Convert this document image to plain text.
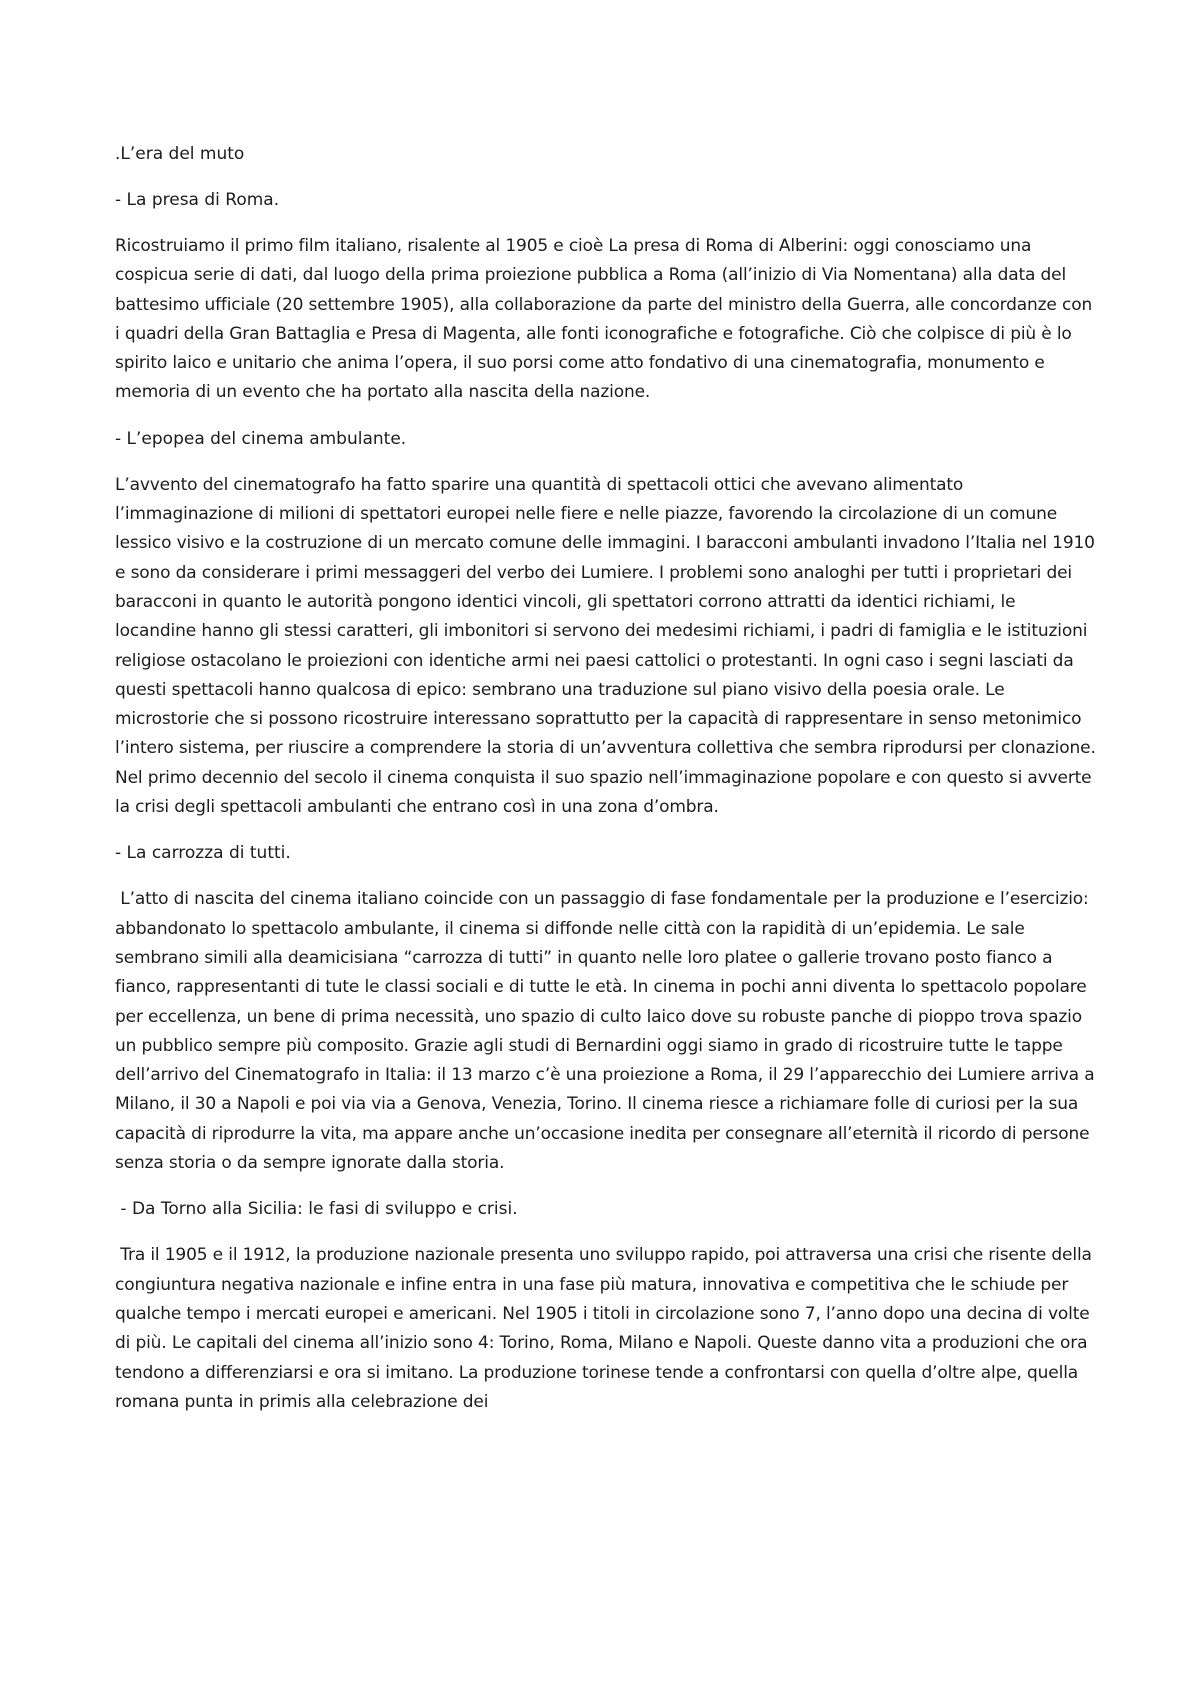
.L’era del muto

- La presa di Roma.

Ricostruiamo il primo film italiano, risalente al 1905 e cioè La presa di Roma di Alberini: oggi conosciamo una cospicua serie di dati, dal luogo della prima proiezione pubblica a Roma (all’inizio di Via Nomentana) alla data del battesimo ufficiale (20 settembre 1905), alla collaborazione da parte del ministro della Guerra, alle concordanze con i quadri della Gran Battaglia e Presa di Magenta, alle fonti iconografiche e fotografiche. Ciò che colpisce di più è lo spirito laico e unitario che anima l’opera, il suo porsi come atto fondativo di una cinematografia, monumento e memoria di un evento che ha portato alla nascita della nazione.

- L’epopea del cinema ambulante.

L’avvento del cinematografo ha fatto sparire una quantità di spettacoli ottici che avevano alimentato l’immaginazione di milioni di spettatori europei nelle fiere e nelle piazze, favorendo la circolazione di un comune lessico visivo e la costruzione di un mercato comune delle immagini. I baracconi ambulanti invadono l’Italia nel 1910 e sono da considerare i primi messaggeri del verbo dei Lumiere. I problemi sono analoghi per tutti i proprietari dei baracconi in quanto le autorità pongono identici vincoli, gli spettatori corrono attratti da identici richiami, le locandine hanno gli stessi caratteri, gli imbonitori si servono dei medesimi richiami, i padri di famiglia e le istituzioni religiose ostacolano le proiezioni con identiche armi nei paesi cattolici o protestanti. In ogni caso i segni lasciati da questi spettacoli hanno qualcosa di epico: sembrano una traduzione sul piano visivo della poesia orale. Le microstorie che si possono ricostruire interessano soprattutto per la capacità di rappresentare in senso metonimico l’intero sistema, per riuscire a comprendere la storia di un’avventura collettiva che sembra riprodursi per clonazione. Nel primo decennio del secolo il cinema conquista il suo spazio nell’immaginazione popolare e con questo si avverte la crisi degli spettacoli ambulanti che entrano così in una zona d’ombra.

- La carrozza di tutti.

L’atto di nascita del cinema italiano coincide con un passaggio di fase fondamentale per la produzione e l’esercizio: abbandonato lo spettacolo ambulante, il cinema si diffonde nelle città con la rapidità di un’epidemia. Le sale sembrano simili alla deamicisiana “carrozza di tutti” in quanto nelle loro platee o gallerie trovano posto fianco a fianco, rappresentanti di tute le classi sociali e di tutte le età. In cinema in pochi anni diventa lo spettacolo popolare per eccellenza, un bene di prima necessità, uno spazio di culto laico dove su robuste panche di pioppo trova spazio un pubblico sempre più composito. Grazie agli studi di Bernardini oggi siamo in grado di ricostruire tutte le tappe dell’arrivo del Cinematografo in Italia: il 13 marzo c’è una proiezione a Roma, il 29 l’apparecchio dei Lumiere arriva a Milano, il 30 a Napoli e poi via via a Genova, Venezia, Torino. Il cinema riesce a richiamare folle di curiosi per la sua capacità di riprodurre la vita, ma appare anche un’occasione inedita per consegnare all’eternità il ricordo di persone senza storia o da sempre ignorate dalla storia.

- Da Torno alla Sicilia: le fasi di sviluppo e crisi.

Tra il 1905 e il 1912, la produzione nazionale presenta uno sviluppo rapido, poi attraversa una crisi che risente della congiuntura negativa nazionale e infine entra in una fase più matura, innovativa e competitiva che le schiude per qualche tempo i mercati europei e americani. Nel 1905 i titoli in circolazione sono 7, l’anno dopo una decina di volte di più. Le capitali del cinema all’inizio sono 4: Torino, Roma, Milano e Napoli. Queste danno vita a produzioni che ora tendono a differenziarsi e ora si imitano. La produzione torinese tende a confrontarsi con quella d’oltre alpe, quella romana punta in primis alla celebrazione dei
